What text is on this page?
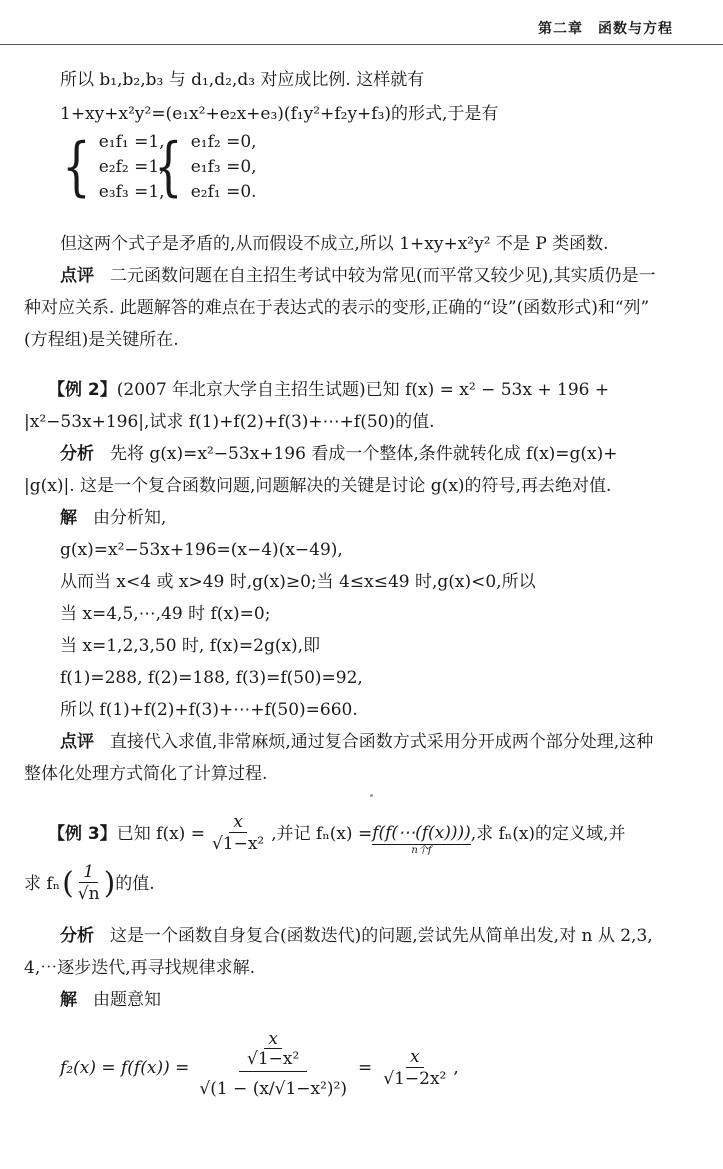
第二章　函数与方程
所以 b₁,b₂,b₃ 与 d₁,d₂,d₃ 对应成比例. 这样就有
1+xy+x²y²=(e₁x²+e₂x+e₃)(f₁y²+f₂y+f₃)的形式,于是有
{ e₁f₁ =1,
e₂f₂ =1,
e₃f₃ =1,
{ e₁f₂ =0,
e₁f₃ =0,
e₂f₁ =0.
但这两个式子是矛盾的,从而假设不成立,所以 1+xy+x²y² 不是 P 类函数.
点评 二元函数问题在自主招生考试中较为常见(而平常又较少见),其实质仍是一
种对应关系. 此题解答的难点在于表达式的表示的变形,正确的“设”(函数形式)和“列”
(方程组)是关键所在.
【例 2】(2007 年北京大学自主招生试题)已知 f(x) = x² − 53x + 196 +
|x²−53x+196|,试求 f(1)+f(2)+f(3)+⋯+f(50)的值.
分析 先将 g(x)=x²−53x+196 看成一个整体,条件就转化成 f(x)=g(x)+
|g(x)|. 这是一个复合函数问题,问题解决的关键是讨论 g(x)的符号,再去绝对值.
解 由分析知,
g(x)=x²−53x+196=(x−4)(x−49),
从而当 x<4 或 x>49 时,g(x)≥0;当 4≤x≤49 时,g(x)<0,所以
当 x=4,5,⋯,49 时 f(x)=0;
当 x=1,2,3,50 时, f(x)=2g(x),即
f(1)=288, f(2)=188, f(3)=f(50)=92,
所以 f(1)+f(2)+f(3)+⋯+f(50)=660.
点评 直接代入求值,非常麻烦,通过复合函数方式采用分开成两个部分处理,这种
整体化处理方式简化了计算过程.
【例 3】 已知 $f(x) = \frac{x}{\text{√1−x²}}$ ,并记 fₙ(x) = f(f(⋯(f(x))))
n个f
,求 fₙ(x)的定义域,并
求 fₙ ( $\frac{1}{√n}$ ) 的值.
分析 这是一个函数自身复合(函数迭代)的问题,尝试先从简单出发,对 n 从 2,3,
4,⋯逐步迭代,再寻找规律求解.
解 由题意知
f₂(x) = f(f(x)) = x
√1−x²
$√(1 - (x/√1-x^2)^2) = \frac{x}{\text{√1−2x²}}$ ,
